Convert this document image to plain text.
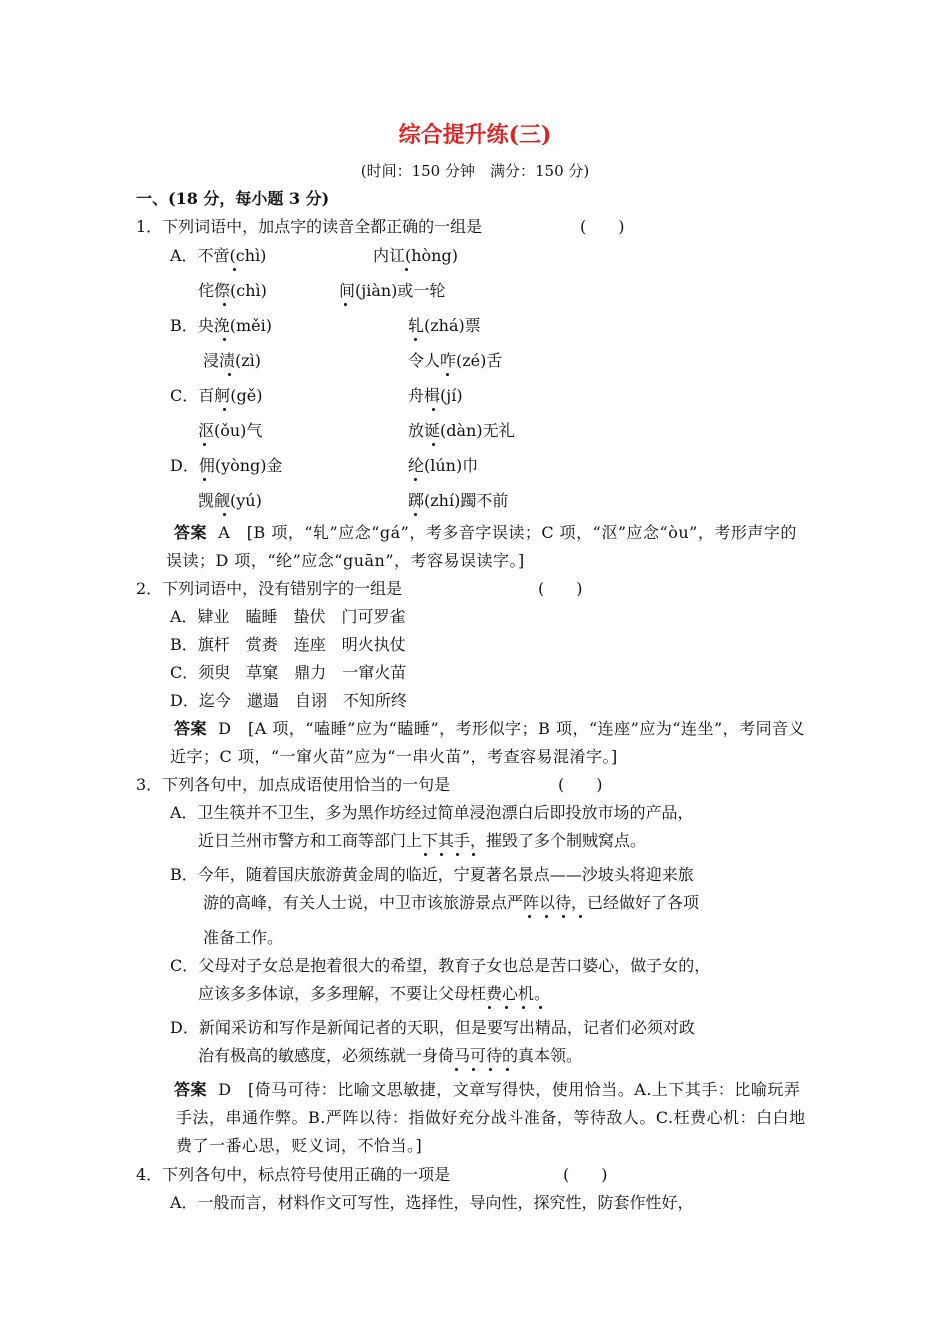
综合提升练(三)
(时间：150 分钟　满分：150 分)
一、(18 分，每小题 3 分)
1．下列词语中，加点字的读音全都正确的一组是	(　　)
A．不啻(chì)	内讧(hòng)
侘傺(chì)	间(jiàn)或一轮
B．央浼(měi)	轧(zhá)票
浸渍(zì)	令人咋(zé)舌
C．百舸(gě)	舟楫(jí)
沤(ǒu)气	放诞(dàn)无礼
D．佣(yòng)金	纶(lún)巾
觊觎(yú)	踯(zhí)躅不前
答案 A　[B 项，“轧”应念“gá”，考多音字误读；C 项，“沤”应念“òu”，考形声字的
误读；D 项，“纶”应念“guān”，考容易误读字。]
2．下列词语中，没有错别字的一组是	(　　)
A．肄业　瞌睡　蛰伏　门可罗雀
B．旗杆　赏赉　连座　明火执仗
C．须臾　草窠　鼎力　一窜火苗
D．迄今　邋遢　自诩　不知所终
答案 D　[A 项，“嗑睡”应为“瞌睡”，考形似字；B 项，“连座”应为“连坐”，考同音义
近字；C 项，“一窜火苗”应为“一串火苗”，考查容易混淆字。]
3．下列各句中，加点成语使用恰当的一句是	(　　)
A．卫生筷并不卫生，多为黑作坊经过简单浸泡漂白后即投放市场的产品，
近日兰州市警方和工商等部门上下其手，摧毁了多个制贼窝点。
B．今年，随着国庆旅游黄金周的临近，宁夏著名景点——沙坡头将迎来旅
游的高峰，有关人士说，中卫市该旅游景点严阵以待，已经做好了各项
准备工作。
C．父母对子女总是抱着很大的希望，教育子女也总是苦口婆心，做子女的，
应该多多体谅，多多理解，不要让父母枉费心机。
D．新闻采访和写作是新闻记者的天职，但是要写出精品，记者们必须对政
治有极高的敏感度，必须练就一身倚马可待的真本领。
答案 D　[倚马可待：比喻文思敏捷，文章写得快，使用恰当。A.上下其手：比喻玩弄
手法，串通作弊。B.严阵以待：指做好充分战斗准备，等待敌人。C.枉费心机：白白地
费了一番心思，贬义词，不恰当。]
4．下列各句中，标点符号使用正确的一项是	(　　)
A．一般而言，材料作文可写性，选择性，导向性，探究性，防套作性好，
